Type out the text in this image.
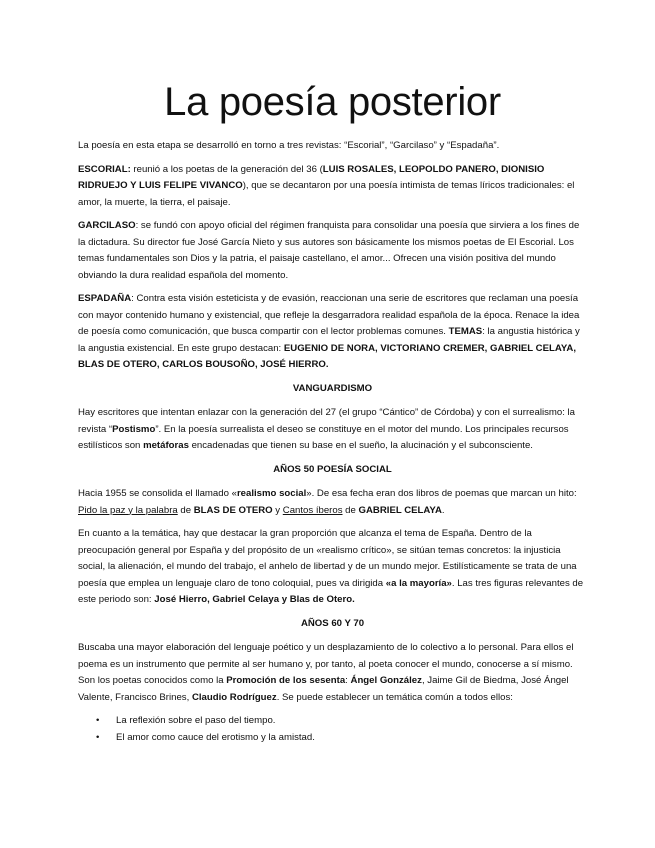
La poesía posterior

La poesía en esta etapa se desarrolló en torno a tres revistas: “Escorial”, “Garcilaso” y “Espadaña”.

ESCORIAL: reunió a los poetas de la generación del 36 (LUIS ROSALES, LEOPOLDO PANERO, DIONISIO RIDRUEJO Y LUIS FELIPE VIVANCO), que se decantaron por una poesía intimista de temas líricos tradicionales: el amor, la muerte, la tierra, el paisaje.

GARCILASO: se fundó con apoyo oficial del régimen franquista para consolidar una poesía que sirviera a los fines de la dictadura. Su director fue José García Nieto y sus autores son básicamente los mismos poetas de El Escorial. Los temas fundamentales son Dios y la patria, el paisaje castellano, el amor... Ofrecen una visión positiva del mundo obviando la dura realidad española del momento.

ESPADAÑA: Contra esta visión esteticista y de evasión, reaccionan una serie de escritores que reclaman una poesía con mayor contenido humano y existencial, que refleje la desgarradora realidad española de la época. Renace la idea de poesía como comunicación, que busca compartir con el lector problemas comunes. TEMAS: la angustia histórica y la angustia existencial. En este grupo destacan: EUGENIO DE NORA, VICTORIANO CREMER, GABRIEL CELAYA, BLAS DE OTERO, CARLOS BOUSOÑO, JOSÉ HIERRO.

VANGUARDISMO

Hay escritores que intentan enlazar con la generación del 27 (el grupo “Cántico” de Córdoba) y con el surrealismo: la revista “Postismo”. En la poesía surrealista el deseo se constituye en el motor del mundo. Los principales recursos estilísticos son metáforas encadenadas que tienen su base en el sueño, la alucinación y el subconsciente.

AÑOS 50 POESÍA SOCIAL

Hacia 1955 se consolida el llamado «realismo social». De esa fecha eran dos libros de poemas que marcan un hito: Pido la paz y la palabra de BLAS DE OTERO y Cantos íberos de GABRIEL CELAYA.

En cuanto a la temática, hay que destacar la gran proporción que alcanza el tema de España. Dentro de la preocupación general por España y del propósito de un «realismo crítico», se sitúan temas concretos: la injusticia social, la alienación, el mundo del trabajo, el anhelo de libertad y de un mundo mejor. Estilísticamente se trata de una poesía que emplea un lenguaje claro de tono coloquial, pues va dirigida «a la mayoría». Las tres figuras relevantes de este periodo son: José Hierro, Gabriel Celaya y Blas de Otero.

AÑOS 60 Y 70

Buscaba una mayor elaboración del lenguaje poético y un desplazamiento de lo colectivo a lo personal. Para ellos el poema es un instrumento que permite al ser humano y, por tanto, al poeta conocer el mundo, conocerse a sí mismo. Son los poetas conocidos como la Promoción de los sesenta: Ángel González, Jaime Gil de Biedma, José Ángel Valente, Francisco Brines, Claudio Rodríguez. Se puede establecer un temática común a todos ellos:

• La reflexión sobre el paso del tiempo.
• El amor como cauce del erotismo y la amistad.
